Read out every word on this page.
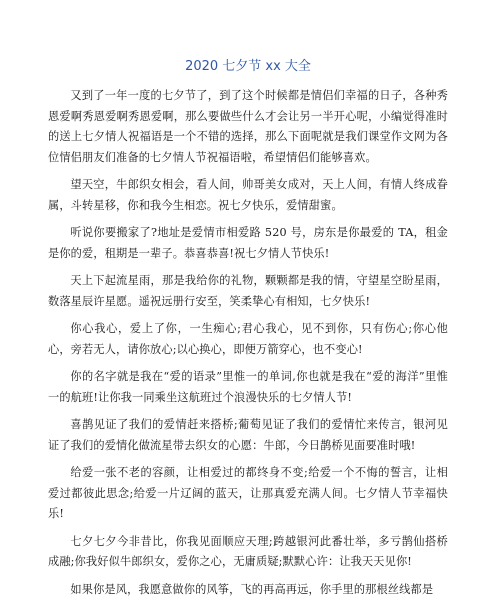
2020 七夕节 xx 大全

又到了一年一度的七夕节了，到了这个时候都是情侣们幸福的日子，各种秀恩爱啊秀恩爱啊秀恩爱啊，那么要做些什么才会让另一半开心呢，小编觉得准时的送上七夕情人祝福语是一个不错的选择，那么下面呢就是我们课堂作文网为各位情侣朋友们准备的七夕情人节祝福语啦，希望情侣们能够喜欢。

望天空，牛郎织女相会，看人间，帅哥美女成对，天上人间，有情人终成眷属，斗转星移，你和我今生相恋。祝七夕快乐，爱情甜蜜。

听说你要搬家了?地址是爱情市相爱路 520 号，房东是你最爱的 TA，租金是你的爱，租期是一辈子。恭喜恭喜!祝七夕情人节快乐!

天上下起流星雨，那是我给你的礼物，颗颗都是我的情，守望星空盼星雨，数落星辰许星愿。遥祝远册行安至，笑柔挚心有相知，七夕快乐!

你心我心，爱上了你，一生痴心;君心我心，见不到你，只有伤心;你心他心，旁若无人，请你放心;以心换心，即便万箭穿心，也不变心!

你的名字就是我在“爱的语录”里惟一的单词,你也就是我在“爱的海洋”里惟一的航班!让你我一同乘坐这航班过个浪漫快乐的七夕情人节!

喜鹊见证了我们的爱情赶来搭桥;葡萄见证了我们的爱情忙来传言，银河见证了我们的爱情化做流星带去织女的心愿：牛郎，今日鹊桥见面要准时哦!

给爱一张不老的容颜，让相爱过的都终身不变;给爱一个不悔的誓言，让相爱过都彼此思念;给爱一片辽阔的蓝天，让那真爱充满人间。七夕情人节幸福快乐!

七夕七夕今非昔比，你我见面顺应天理;跨越银河此番壮举，多亏鹊仙搭桥成融;你我好似牛郎织女，爱你之心，无庸质疑;默默心许：让我天天见你!

如果你是风，我愿意做你的风筝，飞的再高再远，你手里的那根丝线都是
